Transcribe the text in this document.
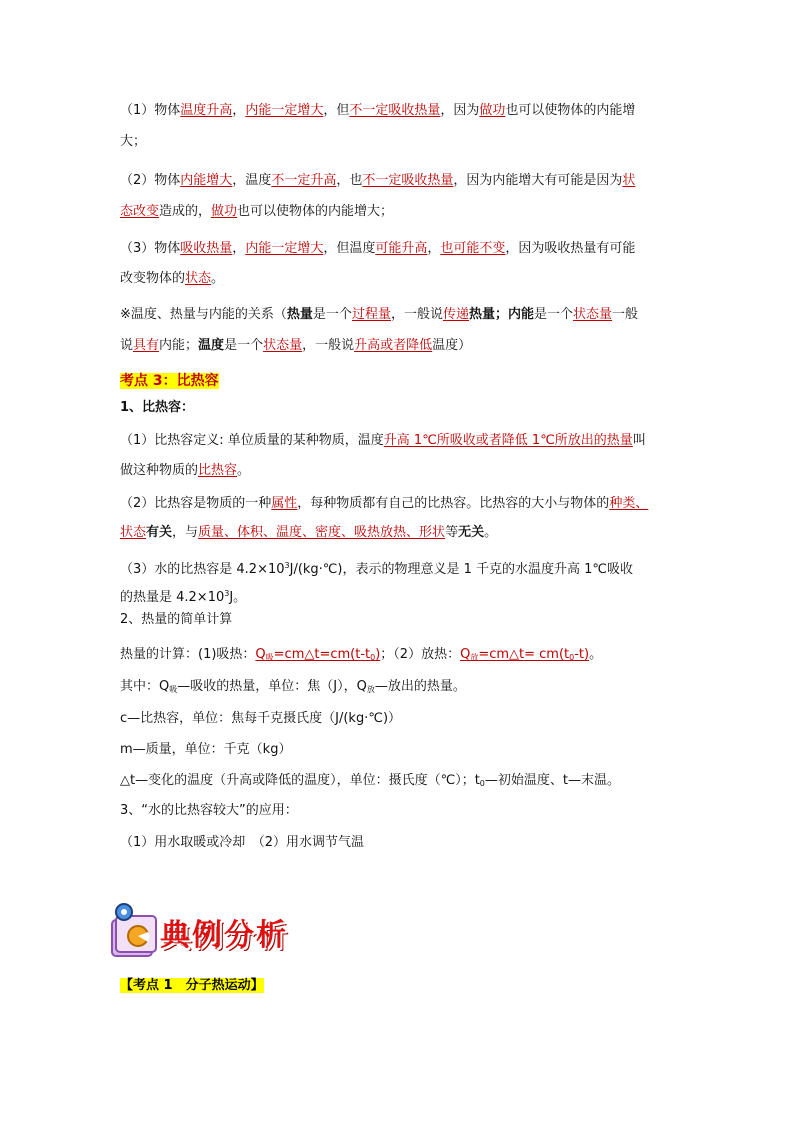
（1）物体温度升高，内能一定增大，但不一定吸收热量，因为做功也可以使物体的内能增
大；
（2）物体内能增大，温度不一定升高，也不一定吸收热量，因为内能增大有可能是因为状
态改变造成的，做功也可以使物体的内能增大；
（3）物体吸收热量，内能一定增大，但温度可能升高，也可能不变，因为吸收热量有可能
改变物体的状态。
※温度、热量与内能的关系（热量是一个过程量，一般说传递热量；内能是一个状态量一般
说具有内能；温度是一个状态量，一般说升高或者降低温度）
考点 3：比热容
1、比热容：
（1）比热容定义: 单位质量的某种物质，温度升高 1℃所吸收或者降低 1℃所放出的热量叫
做这种物质的比热容。
（2）比热容是物质的一种属性，每种物质都有自己的比热容。比热容的大小与物体的种类、
状态有关，与质量、体积、温度、密度、吸热放热、形状等无关。
（3）水的比热容是 $4.2\times 10^3J/(kg\cdot℃)$，表示的物理意义是 1 千克的水温度升高 1℃吸收
的热量是 $4.2\times 10^3J$。
2、热量的简单计算
热量的计算：(1)吸热：$Q_吸=cm\triangle t=cm(t-t_0)$；（2）放热：$Q_放=cm\triangle t= cm(t_0-t)$。
其中：$Q_吸—$吸收的热量，单位：焦（J），$Q_放—$放出的热量。
c—比热容，单位：焦每千克摄氏度（J/(kg·℃)）
m—质量，单位：千克（kg）
△t—变化的温度（升高或降低的温度），单位：摄氏度（℃）；$t_0—$初始温度、t—末温。
3、“水的比热容较大”的应用：
（1）用水取暖或冷却　（2）用水调节气温
典例分析
【考点 1　分子热运动】
